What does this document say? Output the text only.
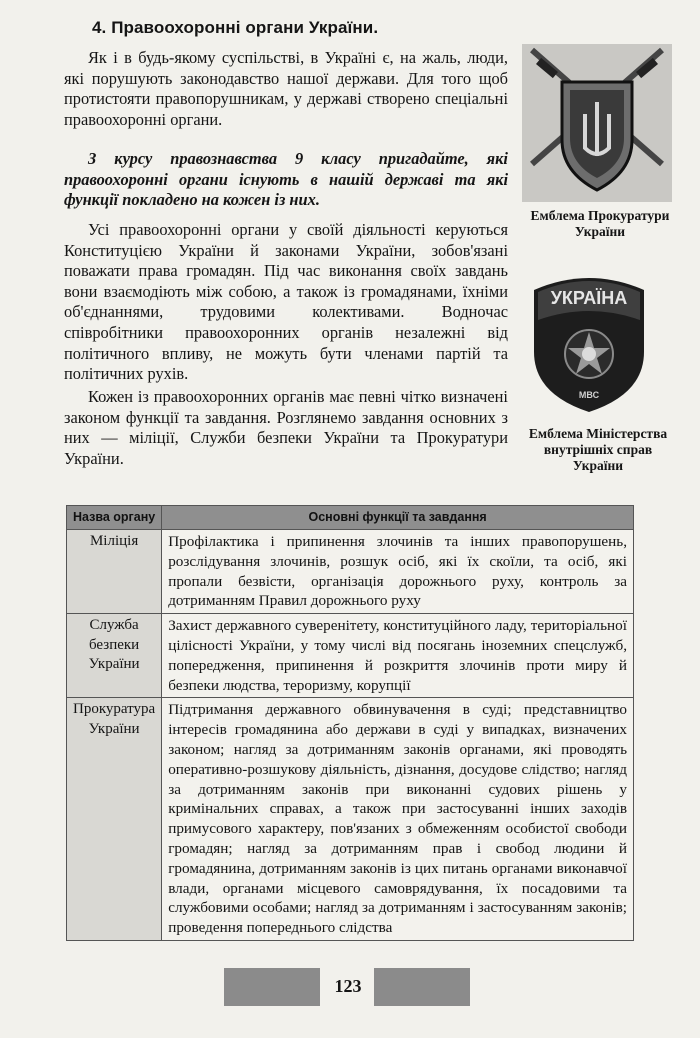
4. Правоохоронні органи України.

Як і в будь-якому суспільстві, в Україні є, на жаль, люди, які порушують законодавство нашої держави. Для того щоб протистояти правопорушникам, у державі створено спеціальні правоохоронні органи.

З курсу правознавства 9 класу пригадайте, які правоохоронні органи існують в нашій державі та які функції покладено на кожен із них.

Усі правоохоронні органи у своїй діяльності керуються Конституцією України й законами України, зобов'язані поважати права громадян. Під час виконання своїх завдань вони взаємодіють між собою, а також із громадянами, їхніми об'єднаннями, трудовими колективами. Водночас співробітники правоохоронних органів незалежні від політичного впливу, не можуть бути членами партій та політичних рухів.

Кожен із правоохоронних органів має певні чітко визначені законом функції та завдання. Розглянемо завдання основних з них — міліції, Служби безпеки України та Прокуратури України.

Емблема Прокуратури України
УКРАЇНА
МВС
Емблема Міністерства внутрішніх справ України
Назва органу	Основні функції та завдання
Міліція	Профілактика і припинення злочинів та інших правопорушень, розслідування злочинів, розшук осіб, які їх скоїли, та осіб, які пропали безвісти, організація дорожнього руху, контроль за дотриманням Правил дорожнього руху
Служба безпеки України	Захист державного суверенітету, конституційного ладу, територіальної цілісності України, у тому числі від посягань іноземних спецслужб, попередження, припинення й розкриття злочинів проти миру й безпеки людства, тероризму, корупції
Прокуратура України	Підтримання державного обвинувачення в суді; представництво інтересів громадянина або держави в суді у випадках, визначених законом; нагляд за дотриманням законів органами, які проводять оперативно-розшукову діяльність, дізнання, досудове слідство; нагляд за дотриманням законів при виконанні судових рішень у кримінальних справах, а також при застосуванні інших заходів примусового характеру, пов'язаних з обмеженням особистої свободи громадян; нагляд за дотриманням прав і свобод людини й громадянина, дотриманням законів із цих питань органами виконавчої влади, органами місцевого самоврядування, їх посадовими та службовими особами; нагляд за дотриманням і застосуванням законів; проведення попереднього слідства
123
